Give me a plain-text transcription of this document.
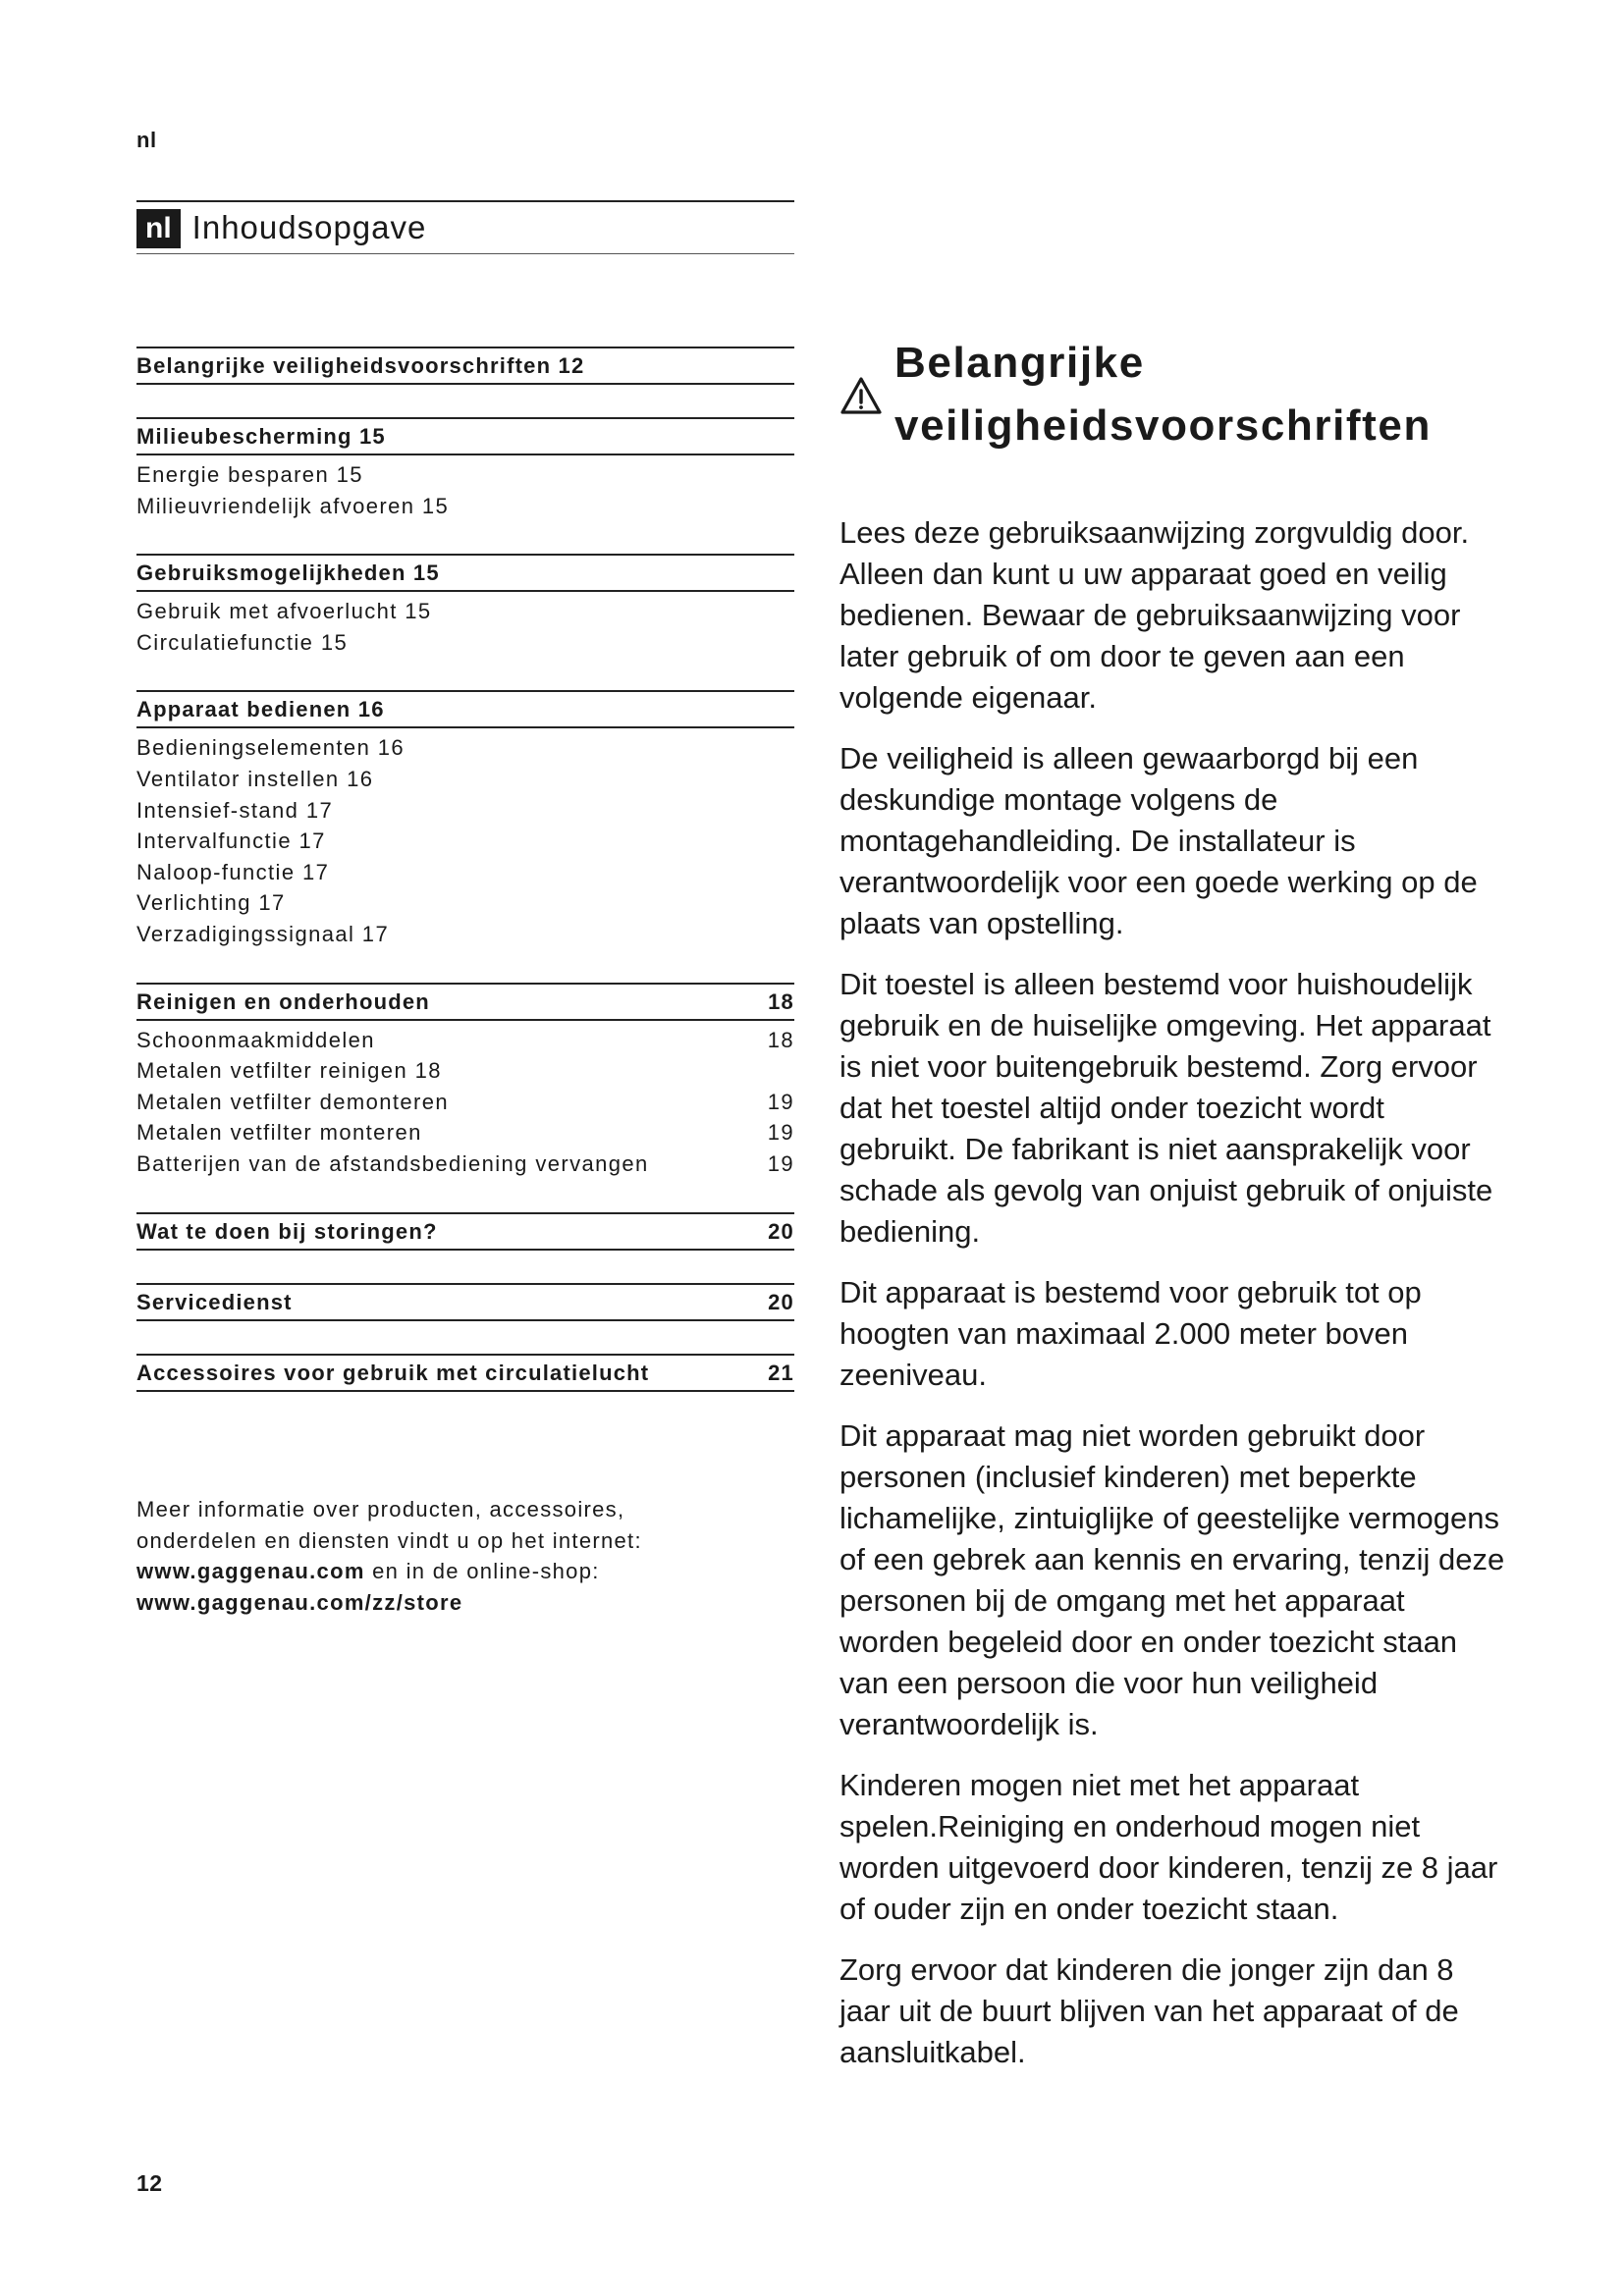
nl
nl Inhoudsopgave
Belangrijke veiligheidsvoorschriften 12
Milieubescherming 15
Energie besparen 15
Milieuvriendelijk afvoeren 15
Gebruiksmogelijkheden 15
Gebruik met afvoerlucht 15
Circulatiefunctie 15
Apparaat bedienen 16
Bedieningselementen 16
Ventilator instellen 16
Intensief-stand 17
Intervalfunctie 17
Naloop-functie 17
Verlichting 17
Verzadigingssignaal 17
Reinigen en onderhouden	18
Schoonmaakmiddelen	18
Metalen vetfilter reinigen 18
Metalen vetfilter demonteren	19
Metalen vetfilter monteren	19
Batterijen van de afstandsbediening vervangen	19
Wat te doen bij storingen?	20
Servicedienst	20
Accessoires voor gebruik met circulatielucht	21
Meer informatie over producten, accessoires,
onderdelen en diensten vindt u op het internet:
www.gaggenau.com en in de online-shop:
www.gaggenau.com/zz/store
Belangrijke
veiligheidsvoorschriften

Lees deze gebruiksaanwijzing zorgvuldig door. Alleen dan kunt u uw apparaat goed en veilig bedienen. Bewaar de gebruiksaanwijzing voor later gebruik of om door te geven aan een volgende eigenaar.

De veiligheid is alleen gewaarborgd bij een deskundige montage volgens de montagehandleiding. De installateur is verantwoordelijk voor een goede werking op de plaats van opstelling.

Dit toestel is alleen bestemd voor huishoudelijk gebruik en de huiselijke omgeving. Het apparaat is niet voor buitengebruik bestemd. Zorg ervoor dat het toestel altijd onder toezicht wordt gebruikt. De fabrikant is niet aansprakelijk voor schade als gevolg van onjuist gebruik of onjuiste bediening.

Dit apparaat is bestemd voor gebruik tot op hoogten van maximaal 2.000 meter boven zeeniveau.

Dit apparaat mag niet worden gebruikt door personen (inclusief kinderen) met beperkte lichamelijke, zintuiglijke of geestelijke vermogens of een gebrek aan kennis en ervaring, tenzij deze personen bij de omgang met het apparaat worden begeleid door en onder toezicht staan van een persoon die voor hun veiligheid verantwoordelijk is.

Kinderen mogen niet met het apparaat spelen.Reiniging en onderhoud mogen niet worden uitgevoerd door kinderen, tenzij ze 8 jaar of ouder zijn en onder toezicht staan.

Zorg ervoor dat kinderen die jonger zijn dan 8 jaar uit de buurt blijven van het apparaat of de aansluitkabel.

12
